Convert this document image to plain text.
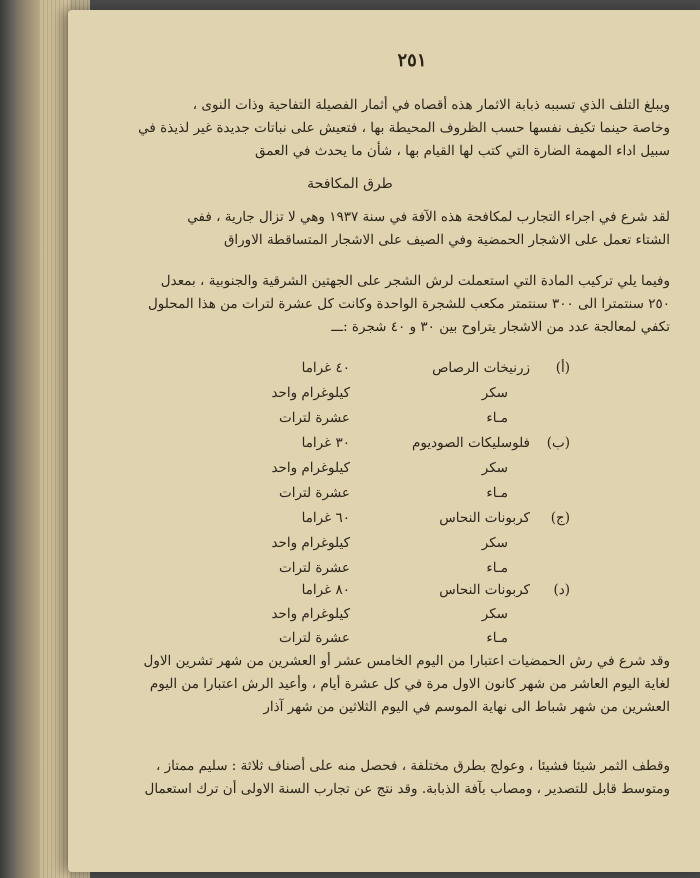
٢٥١
ويبلغ التلف الذي تسببه ذبابة الاثمار هذه أقصاه في أثمار الفصيلة التفاحية وذات النوى ،
وخاصة حينما تكيف نفسها حسب الظروف المحيطة بها ، فتعيش على نباتات جديدة غير لذيذة في
سبيل اداء المهمة الضارة التي كتب لها القيام بها ، شأن ما يحدث في العمق
طرق المكافحة
لقد شرع في اجراء التجارب لمكافحة هذه الآفة في سنة ١٩٣٧ وهي لا تزال جارية ، ففي
الشتاء تعمل على الاشجار الحمضية وفي الصيف على الاشجار المتساقطة الاوراق
وفيما يلي تركيب المادة التي استعملت لرش الشجر على الجهتين الشرقية والجنوبية ، بمعدل
٢٥٠ سنتمترا الى ٣٠٠ سنتمتر مكعب للشجرة الواحدة وكانت كل عشرة لترات من هذا المحلول
تكفي لمعالجة عدد من الاشجار يتراوح بين ٣٠ و ٤٠ شجرة :ـــ
(أ)
زرنيخات الرصاص
٤٠ غراما
سكر
كيلوغرام واحد
مـاء
عشرة لترات
(ب)
فلوسليكات الصوديوم
٣٠ غراما
سكر
كيلوغرام واحد
مـاء
عشرة لترات
(ج)
كربونات النحاس
٦٠ غراما
سكر
كيلوغرام واحد
مـاء
عشرة لترات
(د)
كربونات النحاس
٨٠ غراما
سكر
كيلوغرام واحد
مـاء
عشرة لترات
وقد شرع في رش الحمضيات اعتبارا من اليوم الخامس عشر أو العشرين من شهر تشرين الاول
لغاية اليوم العاشر من شهر كانون الاول مرة في كل عشرة أيام ، وأعيد الرش اعتبارا من اليوم
العشرين من شهر شباط الى نهاية الموسم في اليوم الثلاثين من شهر آذار
وقطف الثمر شيئا فشيئا ، وعولج بطرق مختلفة ، فحصل منه على أصناف ثلاثة : سليم ممتاز ،
ومتوسط قابل للتصدير ، ومصاب بآفة الذبابة. وقد نتج عن تجارب السنة الاولى أن ترك استعمال
